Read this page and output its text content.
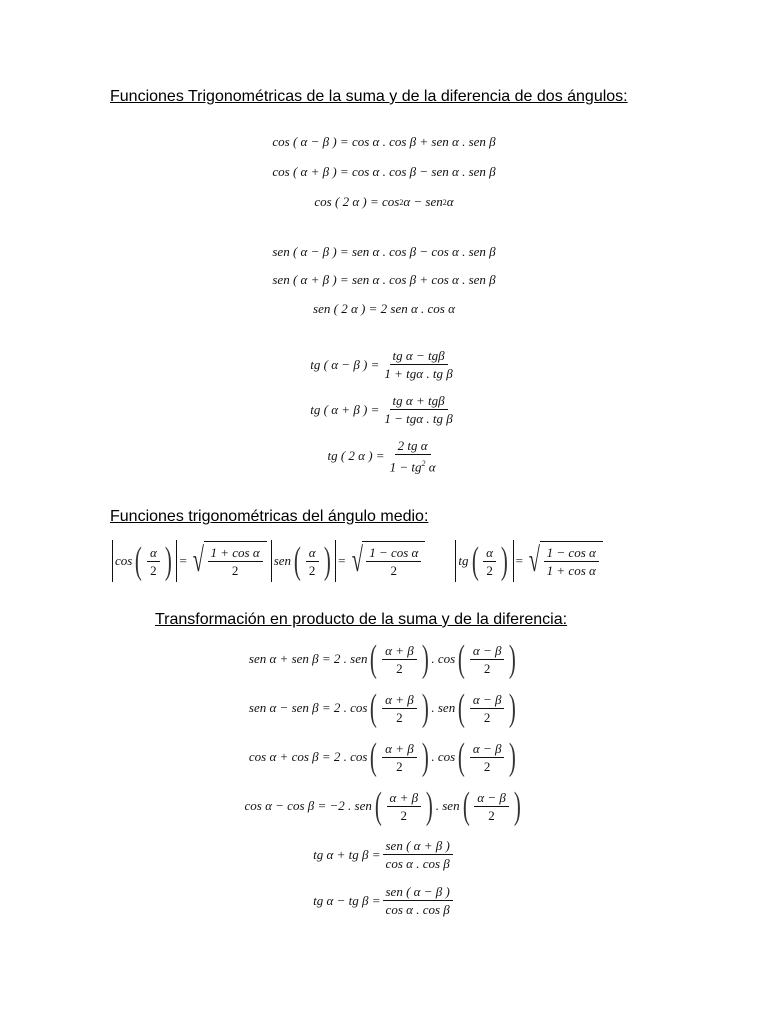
Funciones Trigonométricas de la suma y de la diferencia de dos ángulos:
cos ( α − β ) = cos α . cos β + sen α . sen β
cos ( α + β ) = cos α . cos β − sen α . sen β
cos ( 2 α ) = cos 2 α − sen 2 α
sen ( α − β ) = sen α . cos β − cos α . sen β
sen ( α + β ) = sen α . cos β + cos α . sen β
sen ( 2 α ) = 2 sen α . cos α
tg ( α − β ) = $\frac{\text{tg α − tgβ}}{\text{1 + tgα . tg β}}$
tg ( α + β ) = $\frac{\text{tg α + tgβ}}{\text{1 − tgα . tg β}}$
tg ( 2 α ) = $\frac{\text{2 tg α}}{1 - tg^2 \alpha}$
Funciones trigonométricas del ángulo medio:
cos ( $\frac{\alpha}{2}$ ) = √ $\frac{\text{1 + cos α}}{2}$ sen ( $\frac{\alpha}{2}$ ) = √ $\frac{\text{1 − cos α}}{2}$	tg ( $\frac{\alpha}{2}$ ) = √ $\frac{\text{1 − cos α}}{\text{1 + cos α}}$
Transformación en producto de la suma y de la diferencia:
sen α + sen β = 2 . sen ( $\frac{\alpha + \beta}{2}$ ) . cos ( $\frac{\alpha - \beta}{2}$ )
sen α − sen β = 2 . cos ( $\frac{\alpha + \beta}{2}$ ) . sen ( $\frac{\alpha - \beta}{2}$ )
cos α + cos β = 2 . cos ( $\frac{\alpha + \beta}{2}$ ) . cos ( $\frac{\alpha - \beta}{2}$ )
cos α − cos β = −2 . sen ( $\frac{\alpha + \beta}{2}$ ) . sen ( $\frac{\alpha - \beta}{2}$ )
tg α + tg $\beta = \frac{\text{sen ( α + β )}}{\text{cos α . cos β}}$
tg α − tg $\beta = \frac{\text{sen ( α − β )}}{\text{cos α . cos β}}$
